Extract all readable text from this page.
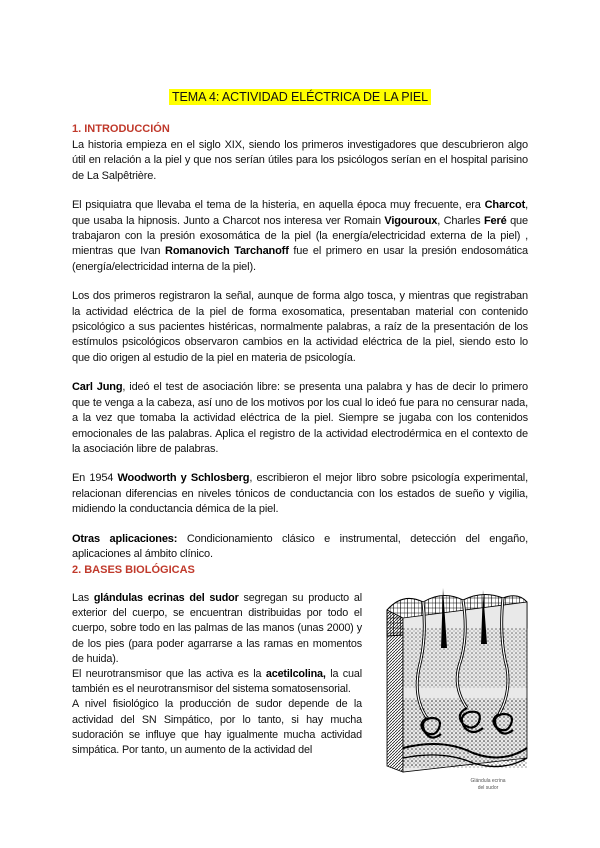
TEMA 4: ACTIVIDAD ELÉCTRICA DE LA PIEL

1. INTRODUCCIÓN

La historia empieza en el siglo XIX, siendo los primeros investigadores que descubrieron algo útil en relación a la piel y que nos serían útiles para los psicólogos serían en el hospital parisino de La Salpêtrière.

El psiquiatra que llevaba el tema de la histeria, en aquella época muy frecuente, era Charcot, que usaba la hipnosis. Junto a Charcot nos interesa ver Romain Vigouroux, Charles Feré que trabajaron con la presión exosomática de la piel (la energía/electricidad externa de la piel) , mientras que Ivan Romanovich Tarchanoff fue el primero en usar la presión endosomática (energía/electricidad interna de la piel).

Los dos primeros registraron la señal, aunque de forma algo tosca, y mientras que registraban la actividad eléctrica de la piel de forma exosomatica, presentaban material con contenido psicológico a sus pacientes histéricas, normalmente palabras, a raíz de la presentación de los estímulos psicológicos observaron cambios en la actividad eléctrica de la piel, siendo esto lo que dio origen al estudio de la piel en materia de psicología.

Carl Jung, ideó el test de asociación libre: se presenta una palabra y has de decir lo primero que te venga a la cabeza, así uno de los motivos por los cual lo ideó fue para no censurar nada, a la vez que tomaba la actividad eléctrica de la piel. Siempre se jugaba con los contenidos emocionales de las palabras. Aplica el registro de la actividad electrodérmica en el contexto de la asociación libre de palabras.

En 1954 Woodworth y Schlosberg, escribieron el mejor libro sobre psicología experimental, relacionan diferencias en niveles tónicos de conductancia con los estados de sueño y vigilia, midiendo la conductancia démica de la piel.

Otras aplicaciones: Condicionamiento clásico e instrumental, detección del engaño, aplicaciones al ámbito clínico.

2. BASES BIOLÓGICAS

Las glándulas ecrinas del sudor segregan su producto al exterior del cuerpo, se encuentran distribuidas por todo el cuerpo, sobre todo en las palmas de las manos (unas 2000) y de los pies (para poder agarrarse a las ramas en momentos de huida).

El neurotransmisor que las activa es la acetilcolina, la cual también es el neurotransmisor del sistema somatosensorial.

A nivel fisiológico la producción de sudor depende de la actividad del SN Simpático, por lo tanto, si hay mucha sudoración se influye que hay igualmente mucha actividad simpática. Por tanto, un aumento de la actividad del

Glándula ecrina
del sudor
